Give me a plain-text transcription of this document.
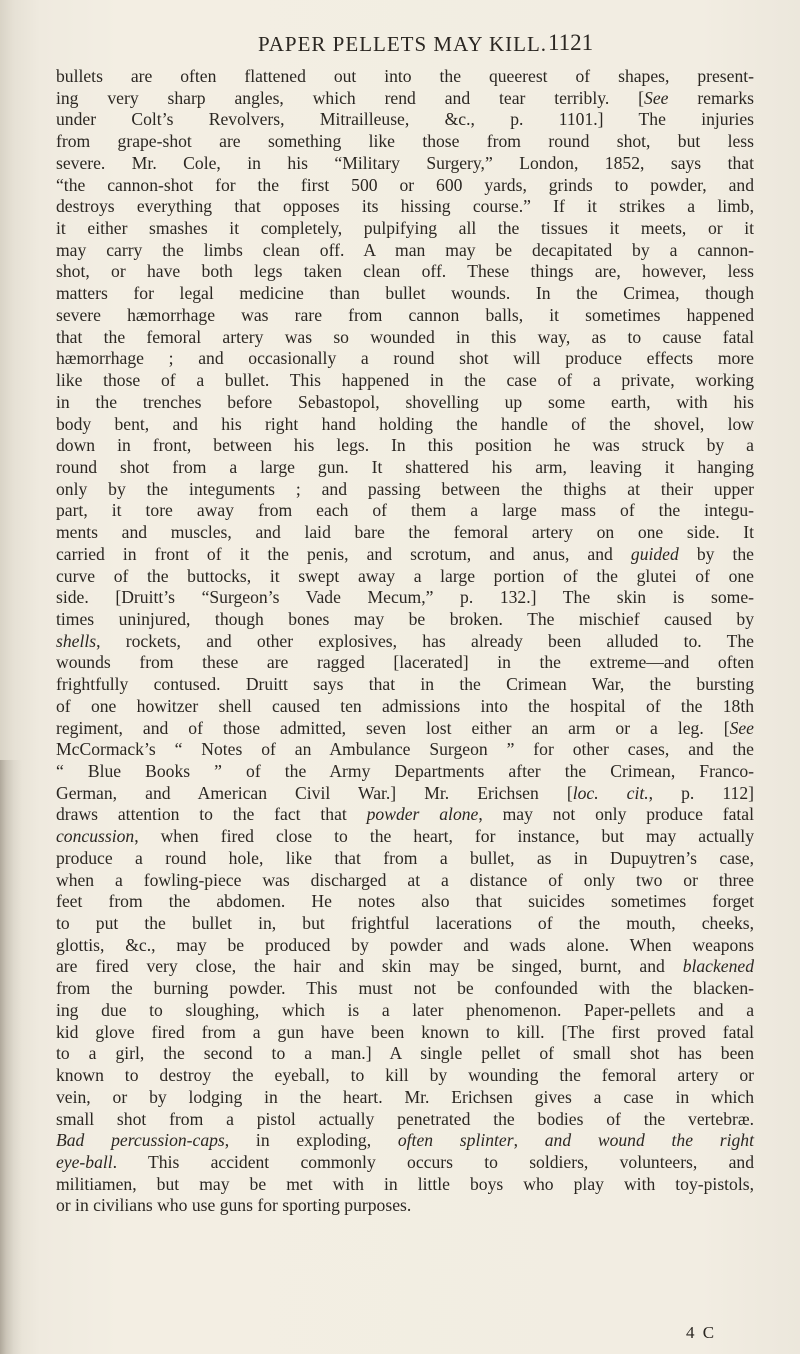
PAPER PELLETS MAY KILL. 1121
bullets are often flattened out into the queerest of shapes, present-
ing very sharp angles, which rend and tear terribly. [See remarks
under Colt’s Revolvers, Mitrailleuse, &c., p. 1101.] The injuries
from grape-shot are something like those from round shot, but less
severe. Mr. Cole, in his “Military Surgery,” London, 1852, says that
“the cannon-shot for the first 500 or 600 yards, grinds to powder, and
destroys everything that opposes its hissing course.” If it strikes a limb,
it either smashes it completely, pulpifying all the tissues it meets, or it
may carry the limbs clean off. A man may be decapitated by a cannon-
shot, or have both legs taken clean off. These things are, however, less
matters for legal medicine than bullet wounds. In the Crimea, though
severe hæmorrhage was rare from cannon balls, it sometimes happened
that the femoral artery was so wounded in this way, as to cause fatal
hæmorrhage ; and occasionally a round shot will produce effects more
like those of a bullet. This happened in the case of a private, working
in the trenches before Sebastopol, shovelling up some earth, with his
body bent, and his right hand holding the handle of the shovel, low
down in front, between his legs. In this position he was struck by a
round shot from a large gun. It shattered his arm, leaving it hanging
only by the integuments ; and passing between the thighs at their upper
part, it tore away from each of them a large mass of the integu-
ments and muscles, and laid bare the femoral artery on one side. It
carried in front of it the penis, and scrotum, and anus, and guided by the
curve of the buttocks, it swept away a large portion of the glutei of one
side. [Druitt’s “Surgeon’s Vade Mecum,” p. 132.] The skin is some-
times uninjured, though bones may be broken. The mischief caused by
shells, rockets, and other explosives, has already been alluded to. The
wounds from these are ragged [lacerated] in the extreme—and often
frightfully contused. Druitt says that in the Crimean War, the bursting
of one howitzer shell caused ten admissions into the hospital of the 18th
regiment, and of those admitted, seven lost either an arm or a leg. [See
McCormack’s “ Notes of an Ambulance Surgeon ” for other cases, and the
“ Blue Books ” of the Army Departments after the Crimean, Franco-
German, and American Civil War.] Mr. Erichsen [loc. cit., p. 112]
draws attention to the fact that powder alone, may not only produce fatal
concussion, when fired close to the heart, for instance, but may actually
produce a round hole, like that from a bullet, as in Dupuytren’s case,
when a fowling-piece was discharged at a distance of only two or three
feet from the abdomen. He notes also that suicides sometimes forget
to put the bullet in, but frightful lacerations of the mouth, cheeks,
glottis, &c., may be produced by powder and wads alone. When weapons
are fired very close, the hair and skin may be singed, burnt, and blackened
from the burning powder. This must not be confounded with the blacken-
ing due to sloughing, which is a later phenomenon. Paper-pellets and a
kid glove fired from a gun have been known to kill. [The first proved fatal
to a girl, the second to a man.] A single pellet of small shot has been
known to destroy the eyeball, to kill by wounding the femoral artery or
vein, or by lodging in the heart. Mr. Erichsen gives a case in which
small shot from a pistol actually penetrated the bodies of the vertebræ.
Bad percussion-caps, in exploding, often splinter, and wound the right
eye-ball. This accident commonly occurs to soldiers, volunteers, and
militiamen, but may be met with in little boys who play with toy-pistols,
or in civilians who use guns for sporting purposes.
4 C
